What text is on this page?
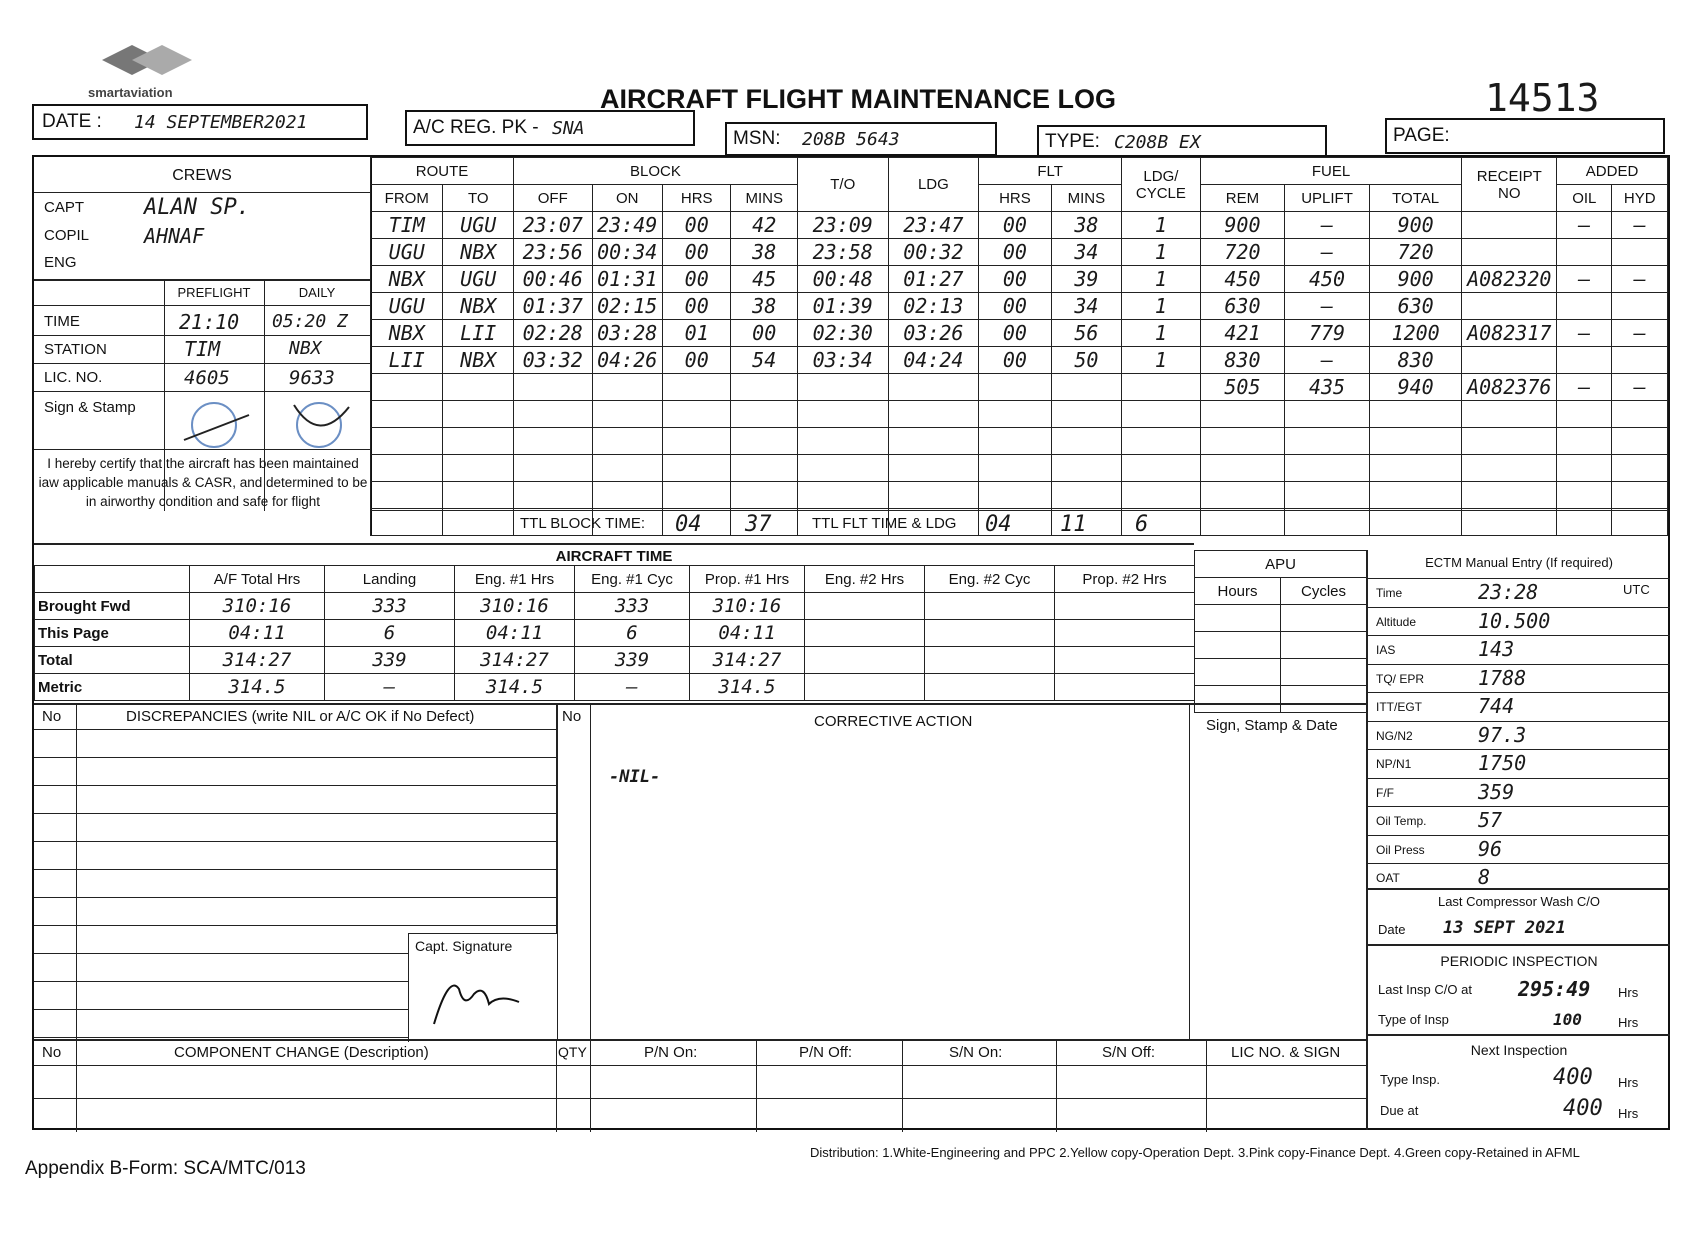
smartaviation	AIRCRAFT FLIGHT MAINTENANCE LOG	14513
DATE : 14 SEPTEMBER2021	A/C REG. PK - SNA	MSN: 208B 5643	TYPE: C208B EX	PAGE:
CREWS
CAPT	ALAN SP.
COPIL	AHNAF
ENG
PREFLIGHT	DAILY
TIME	21:10 05:20 Z
STATION	TIM	NBX
LIC. NO.	4605	9633
Sign & Stamp
I hereby certify that the aircraft has been maintained iaw applicable manuals & CASR, and determined to be in airworthy condition and safe for flight
ROUTE		BLOCK				T/O	LDG	FLT		LDG/ CYCLE	FUEL			RECEIPT NO	ADDED	
FROM	TO	OFF	ON	HRS	MINS			HRS	MINS		REM	UPLIFT	TOTAL		OIL	HYD
TIM	UGU	23:07	23:49	00	42	23:09	23:47	00	38	1	900	—	900		—	—
UGU	NBX	23:56	00:34	00	38	23:58	00:32	00	34	1	720	—	720			
NBX	UGU	00:46	01:31	00	45	00:48	01:27	00	39	1	450	450	900	A082320	—	—
UGU	NBX	01:37	02:15	00	38	01:39	02:13	00	34	1	630	—	630			
NBX	LII	02:28	03:28	01	00	02:30	03:26	00	56	1	421	779	1200	A082317	—	—
LII	NBX	03:32	04:26	00	54	03:34	04:24	00	50	1	830	—	830			
											505	435	940	A082376	—	—

TTL BLOCK TIME: 04 37	TTL FLT TIME & LDG 04 11 6
AIRCRAFT TIME
	A/F Total Hrs	Landing	Eng. #1 Hrs	Eng. #1 Cyc	Prop. #1 Hrs	Eng. #2 Hrs	Eng. #2 Cyc	Prop. #2 Hrs
Brought Fwd	310:16	333	310:16	333	310:16			
This Page	04:11	6	04:11	6	04:11			
Total	314:27	339	314:27	339	314:27			
Metric	314.5	—	314.5	—	314.5			
APU	
Hours	Cycles

ECTM Manual Entry (If required)
UTC
Time	23:28
Altitude	10.500
IAS	143
TQ/ EPR	1788
ITT/EGT	744
NG/N2	97.3
NP/N1	1750
F/F	359
Oil Temp.	57
Oil Press	96
OAT	8
Last Compressor Wash C/O
Date 13 SEPT 2021
PERIODIC INSPECTION
Last Insp C/O at 295:49 Hrs
Type of Insp	100	Hrs
Next Inspection
Type Insp.	400 Hrs
Due at	400 Hrs
No	DISCREPANCIES (write NIL or A/C OK if No Defect)	No	CORRECTIVE ACTION	Sign, Stamp & Date
-NIL-
Capt. Signature
No	COMPONENT CHANGE (Description)	QTY	P/N On:	P/N Off:	S/N On:	S/N Off:	LIC NO. & SIGN
Appendix B-Form: SCA/MTC/013
Distribution: 1.White-Engineering and PPC 2.Yellow copy-Operation Dept. 3.Pink copy-Finance Dept. 4.Green copy-Retained in AFML
